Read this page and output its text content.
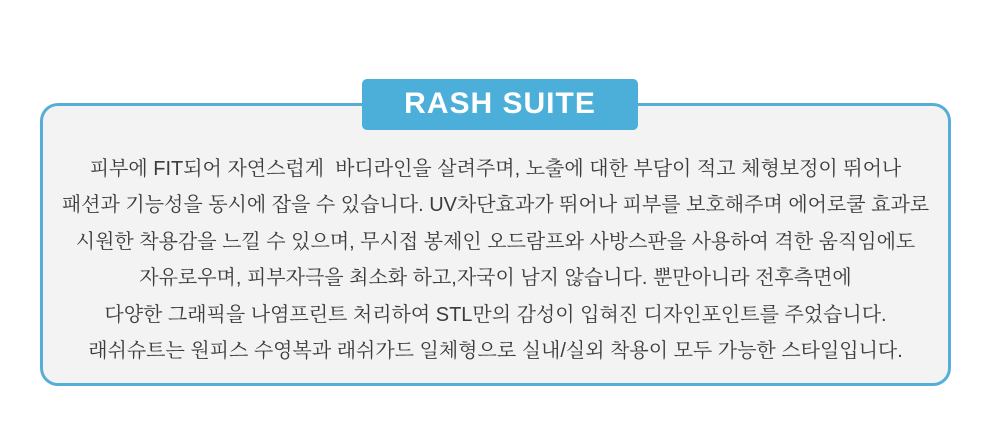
RASH SUITE
피부에 FIT되어 자연스럽게  바디라인을 살려주며, 노출에 대한 부담이 적고 체형보정이 뛰어나
패션과 기능성을 동시에 잡을 수 있습니다. UV차단효과가 뛰어나 피부를 보호해주며 에어로쿨 효과로
시원한 착용감을 느낄 수 있으며, 무시접 봉제인 오드람프와 사방스판을 사용하여 격한 움직임에도
자유로우며, 피부자극을 최소화 하고,자국이 남지 않습니다. 뿐만아니라 전후측면에
다양한 그래픽을 나염프린트 처리하여 STL만의 감성이 입혀진 디자인포인트를 주었습니다.
래쉬슈트는 원피스 수영복과 래쉬가드 일체형으로 실내/실외 착용이 모두 가능한 스타일입니다.
